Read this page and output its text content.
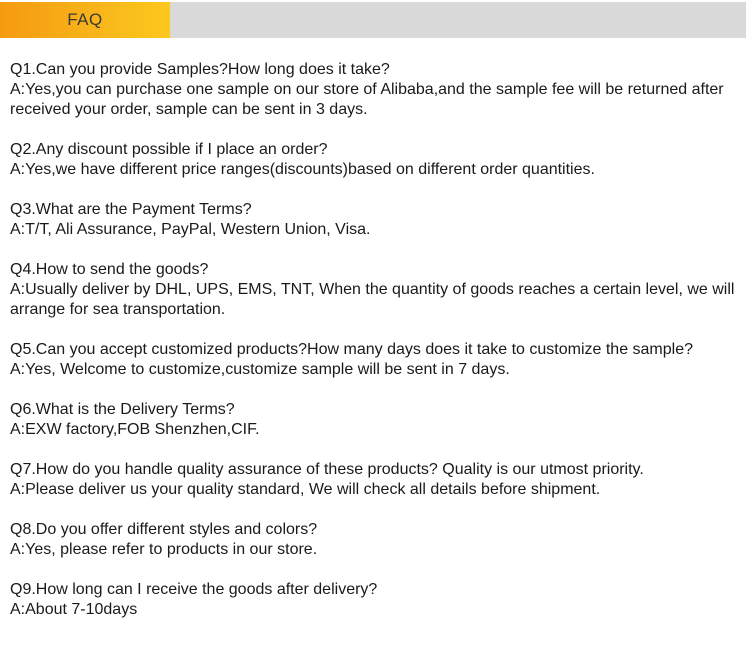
FAQ
Q1.Can you provide Samples?How long does it take?
A:Yes,you can purchase one sample on our store of Alibaba,and the sample fee will be returned after received your order, sample can be sent in 3 days.
Q2.Any discount possible if I place an order?
A:Yes,we have different price ranges(discounts)based on different order quantities.
Q3.What are the Payment Terms?
A:T/T, Ali Assurance, PayPal, Western Union, Visa.
Q4.How to send the goods?
A:Usually deliver by DHL, UPS, EMS, TNT, When the quantity of goods reaches a certain level, we will arrange for sea transportation.
Q5.Can you accept customized products?How many days does it take to customize the sample?
A:Yes, Welcome to customize,customize sample will be sent in 7 days.
Q6.What is the Delivery Terms?
A:EXW factory,FOB Shenzhen,CIF.
Q7.How do you handle quality assurance of these products? Quality is our utmost priority.
A:Please deliver us your quality standard, We will check all details before shipment.
Q8.Do you offer different styles and colors?
A:Yes, please refer to products in our store.
Q9.How long can I receive the goods after delivery?
A:About 7-10days
